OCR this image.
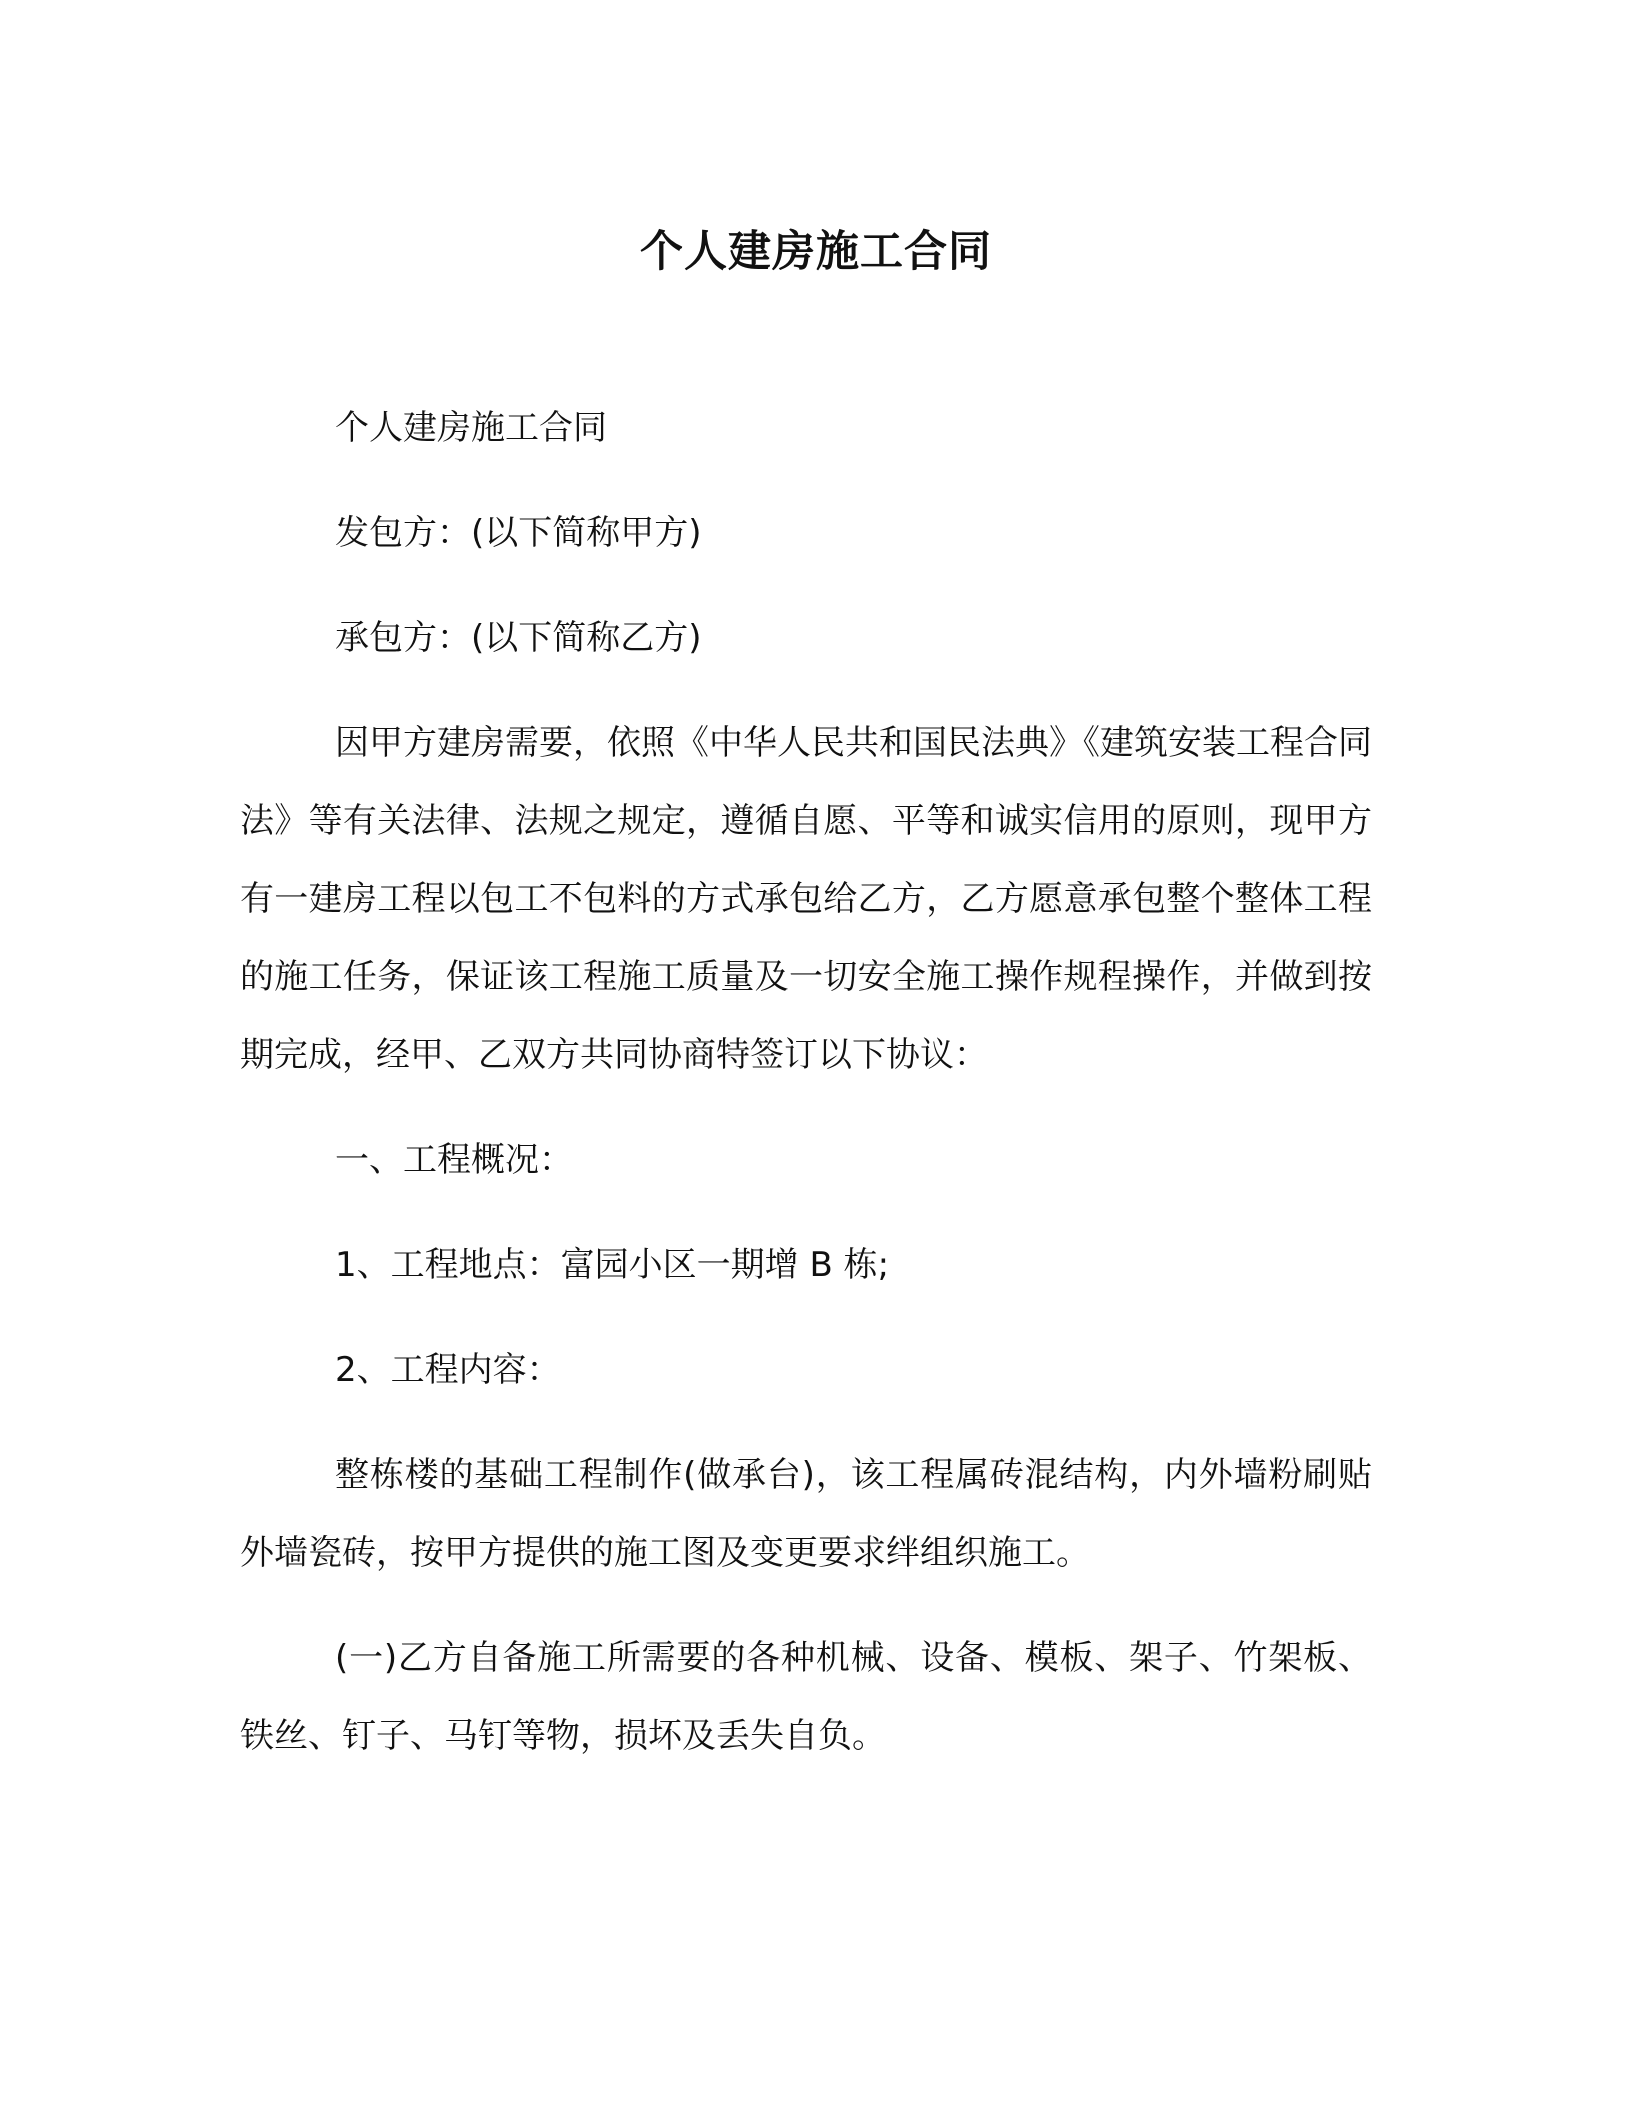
个人建房施工合同

个人建房施工合同

发包方：(以下简称甲方)

承包方：(以下简称乙方)

因甲方建房需要，依照《中华人民共和国民法典》《建筑安装工程合同法》等有关法律、法规之规定，遵循自愿、平等和诚实信用的原则，现甲方有一建房工程以包工不包料的方式承包给乙方，乙方愿意承包整个整体工程的施工任务，保证该工程施工质量及一切安全施工操作规程操作，并做到按期完成，经甲、乙双方共同协商特签订以下协议：

一、工程概况：

1、工程地点：富园小区一期增 B 栋;

2、工程内容：

整栋楼的基础工程制作(做承台)，该工程属砖混结构，内外墙粉刷贴外墙瓷砖，按甲方提供的施工图及变更要求绊组织施工。

(一)乙方自备施工所需要的各种机械、设备、模板、架子、竹架板、铁丝、钉子、马钉等物，损坏及丢失自负。
